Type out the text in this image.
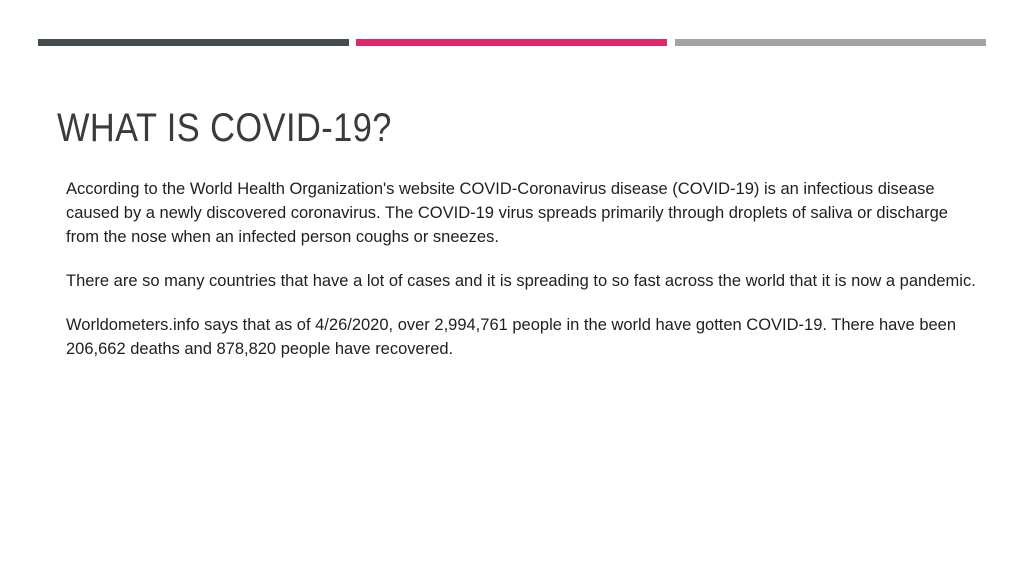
WHAT IS COVID-19?

According to the World Health Organization's website COVID-Coronavirus disease (COVID-19) is an infectious disease caused by a newly discovered coronavirus. The COVID-19 virus spreads primarily through droplets of saliva or discharge from the nose when an infected person coughs or sneezes.

There are so many countries that have a lot of cases and it is spreading to so fast across the world that it is now a pandemic.

Worldometers.info says that as of 4/26/2020, over 2,994,761 people in the world have gotten COVID-19. There have been 206,662 deaths and 878,820 people have recovered.
